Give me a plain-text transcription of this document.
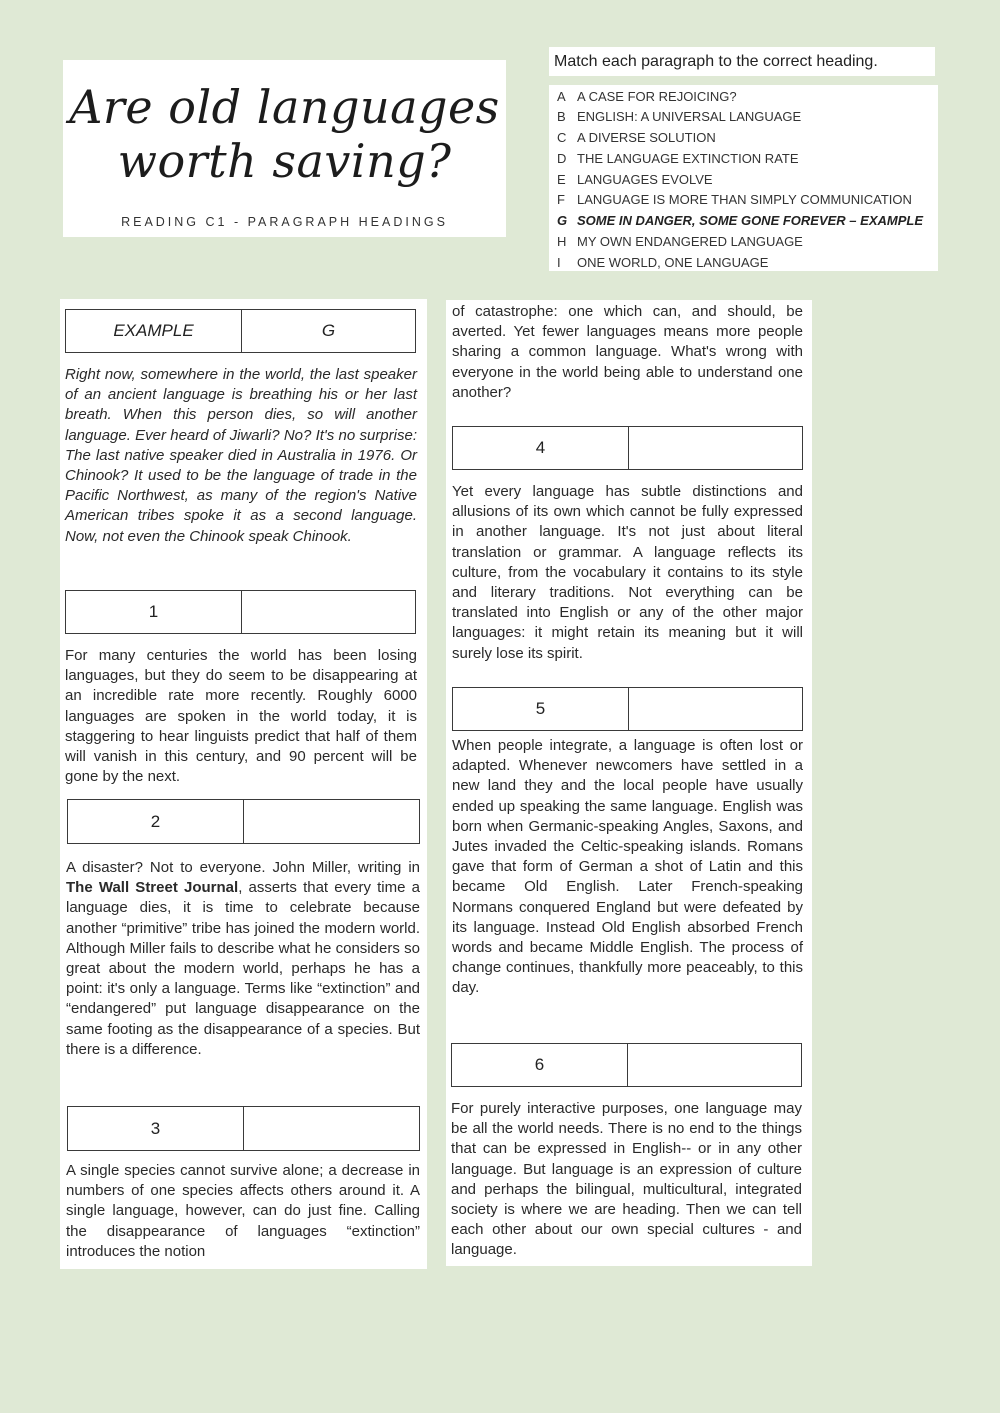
Are old languages
worth saving?
READING C1 - PARAGRAPH HEADINGS
Match each paragraph to the correct heading.
A A CASE FOR REJOICING?
B ENGLISH: A UNIVERSAL LANGUAGE
C A DIVERSE SOLUTION
D THE LANGUAGE EXTINCTION RATE
E LANGUAGES EVOLVE
F LANGUAGE IS MORE THAN SIMPLY COMMUNICATION
G SOME IN DANGER, SOME GONE FOREVER – EXAMPLE
H MY OWN ENDANGERED LANGUAGE
I ONE WORLD, ONE LANGUAGE
EXAMPLE	G

Right now, somewhere in the world, the last speaker of an ancient language is breathing his or her last breath. When this person dies, so will another language. Ever heard of Jiwarli? No? It's no surprise: The last native speaker died in Australia in 1976. Or Chinook? It used to be the language of trade in the Pacific Northwest, as many of the region's Native American tribes spoke it as a second language. Now, not even the Chinook speak Chinook.

1

For many centuries the world has been losing languages, but they do seem to be disappearing at an incredible rate more recently. Roughly 6000 languages are spoken in the world today, it is staggering to hear linguists predict that half of them will vanish in this century, and 90 percent will be gone by the next.

2

A disaster? Not to everyone. John Miller, writing in The Wall Street Journal, asserts that every time a language dies, it is time to celebrate because another “primitive” tribe has joined the modern world. Although Miller fails to describe what he considers so great about the modern world, perhaps he has a point: it's only a language. Terms like “extinction” and “endangered” put language disappearance on the same footing as the disappearance of a species. But there is a difference.

3

A single species cannot survive alone; a decrease in numbers of one species affects others around it. A single language, however, can do just fine. Calling the disappearance of languages “extinction” introduces the notion

of catastrophe: one which can, and should, be averted. Yet fewer languages means more people sharing a common language. What's wrong with everyone in the world being able to understand one another?

4

Yet every language has subtle distinctions and allusions of its own which cannot be fully expressed in another language. It's not just about literal translation or grammar. A language reflects its culture, from the vocabulary it contains to its style and literary traditions. Not everything can be translated into English or any of the other major languages: it might retain its meaning but it will surely lose its spirit.

5

When people integrate, a language is often lost or adapted. Whenever newcomers have settled in a new land they and the local people have usually ended up speaking the same language. English was born when Germanic-speaking Angles, Saxons, and Jutes invaded the Celtic-speaking islands. Romans gave that form of German a shot of Latin and this became Old English. Later French-speaking Normans conquered England but were defeated by its language. Instead Old English absorbed French words and became Middle English. The process of change continues, thankfully more peaceably, to this day.

6

For purely interactive purposes, one language may be all the world needs. There is no end to the things that can be expressed in English-- or in any other language. But language is an expression of culture and perhaps the bilingual, multicultural, integrated society is where we are heading. Then we can tell each other about our own special cultures - and language.
